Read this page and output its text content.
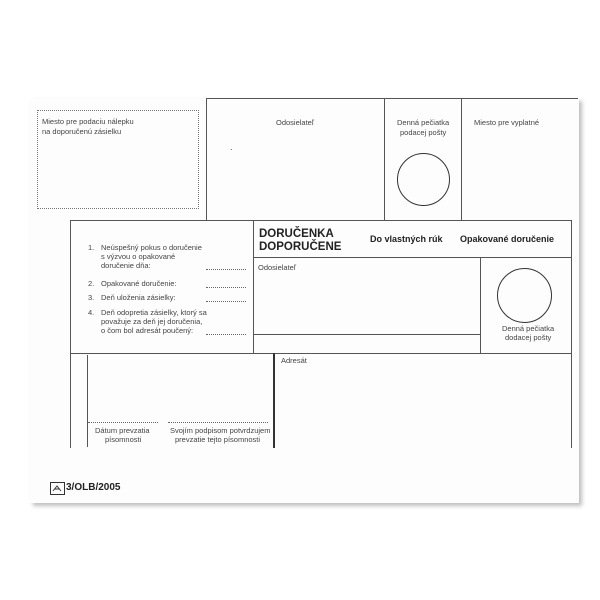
Miesto pre podaciu nálepku
na doporučenú zásielku
Odosielateľ
.
Denná pečiatka
podacej pošty
Miesto pre vyplatné
1. Neúspešný pokus o doručenie
s výzvou o opakované
doručenie dňa:
2. Opakované doručenie:
3. Deň uloženia zásielky:
4. Deň odopretia zásielky, ktorý sa
považuje za deň jej doručenia,
o čom bol adresát poučený:
DORUČENKA
DOPORUČENE
Do vlastných rúk Opakované doručenie
Odosielateľ
Denná pečiatka
dodacej pošty
Adresát
Dátum prevzatia
písomnosti
Svojím podpisom potvrdzujem
prevzatie tejto písomnosti
3/OLB/2005
